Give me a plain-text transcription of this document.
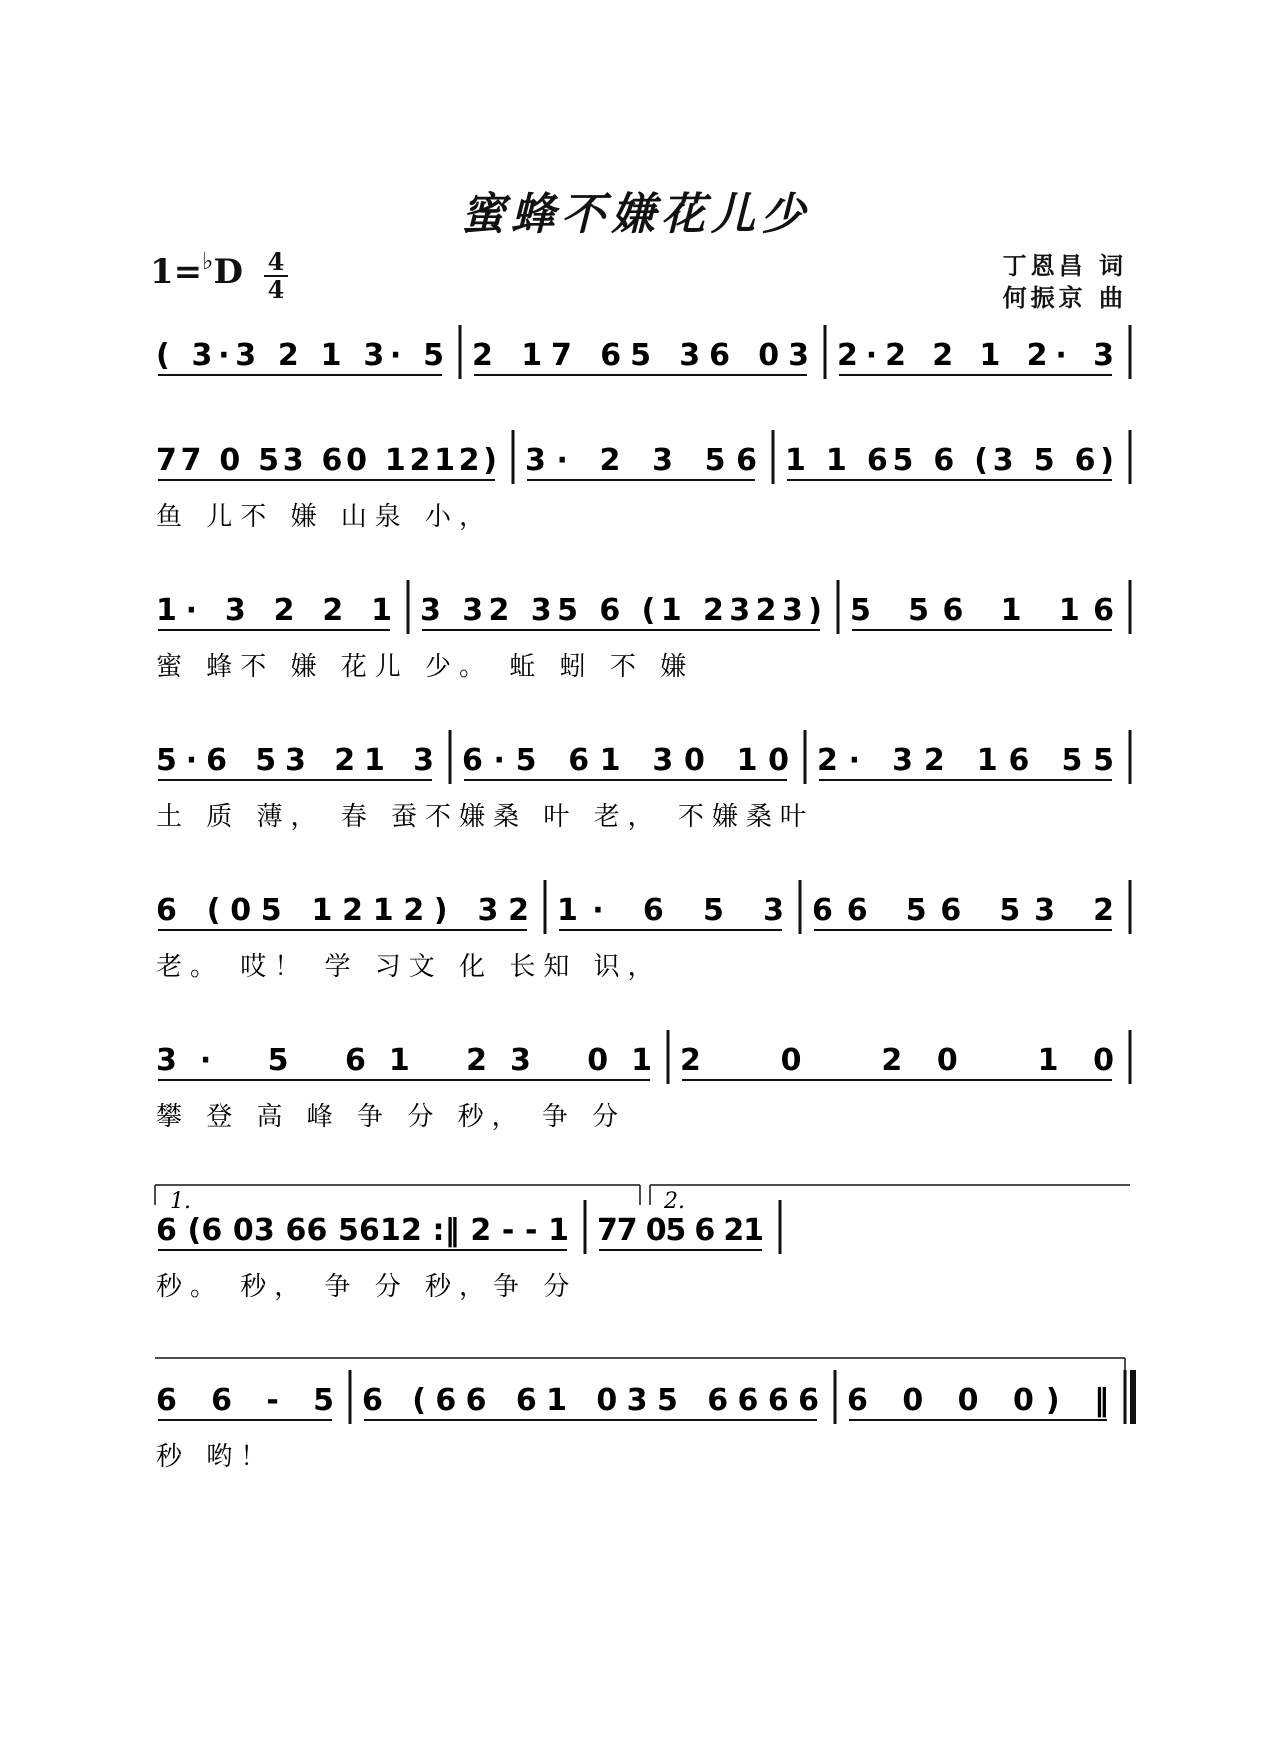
( 3·3 2 1 3· 5 2 17 65 36 03 2·2 2 1 2· 3
77 0 53 60 1212) 3· 2 3 56 1 1 65 6 (3 5 6)
鱼 儿不 嫌 山泉 小，
1· 3 2 2 1 3 32 35 6 (1 2323) 5 56 1 16
蜜 蜂不 嫌 花儿 少。 蚯 蚓 不 嫌
5·6 53 21 3 6·5 61 30 10 2· 32 16 55
土 质 薄， 春 蚕不嫌桑 叶 老， 不嫌桑叶
6 (05 1212) 32 1· 6 5 3 66 56 53 2
老。 哎！ 学 习文 化 长知 识，
3· 5 61 23 01 2 0 20 10
攀 登 高 峰 争 分 秒， 争 分
6 (6 03 66 5612 :‖ 2 - - 1 77 05 6 21
秒。 秒， 争 分 秒，争 分
6 6 - 5 6 (66 61 035 6666 6 0 0 0) ‖
秒 哟！
1.	2.
蜜蜂不嫌花儿少
1=♭D 4
4
丁恩昌 词
何振京 曲
